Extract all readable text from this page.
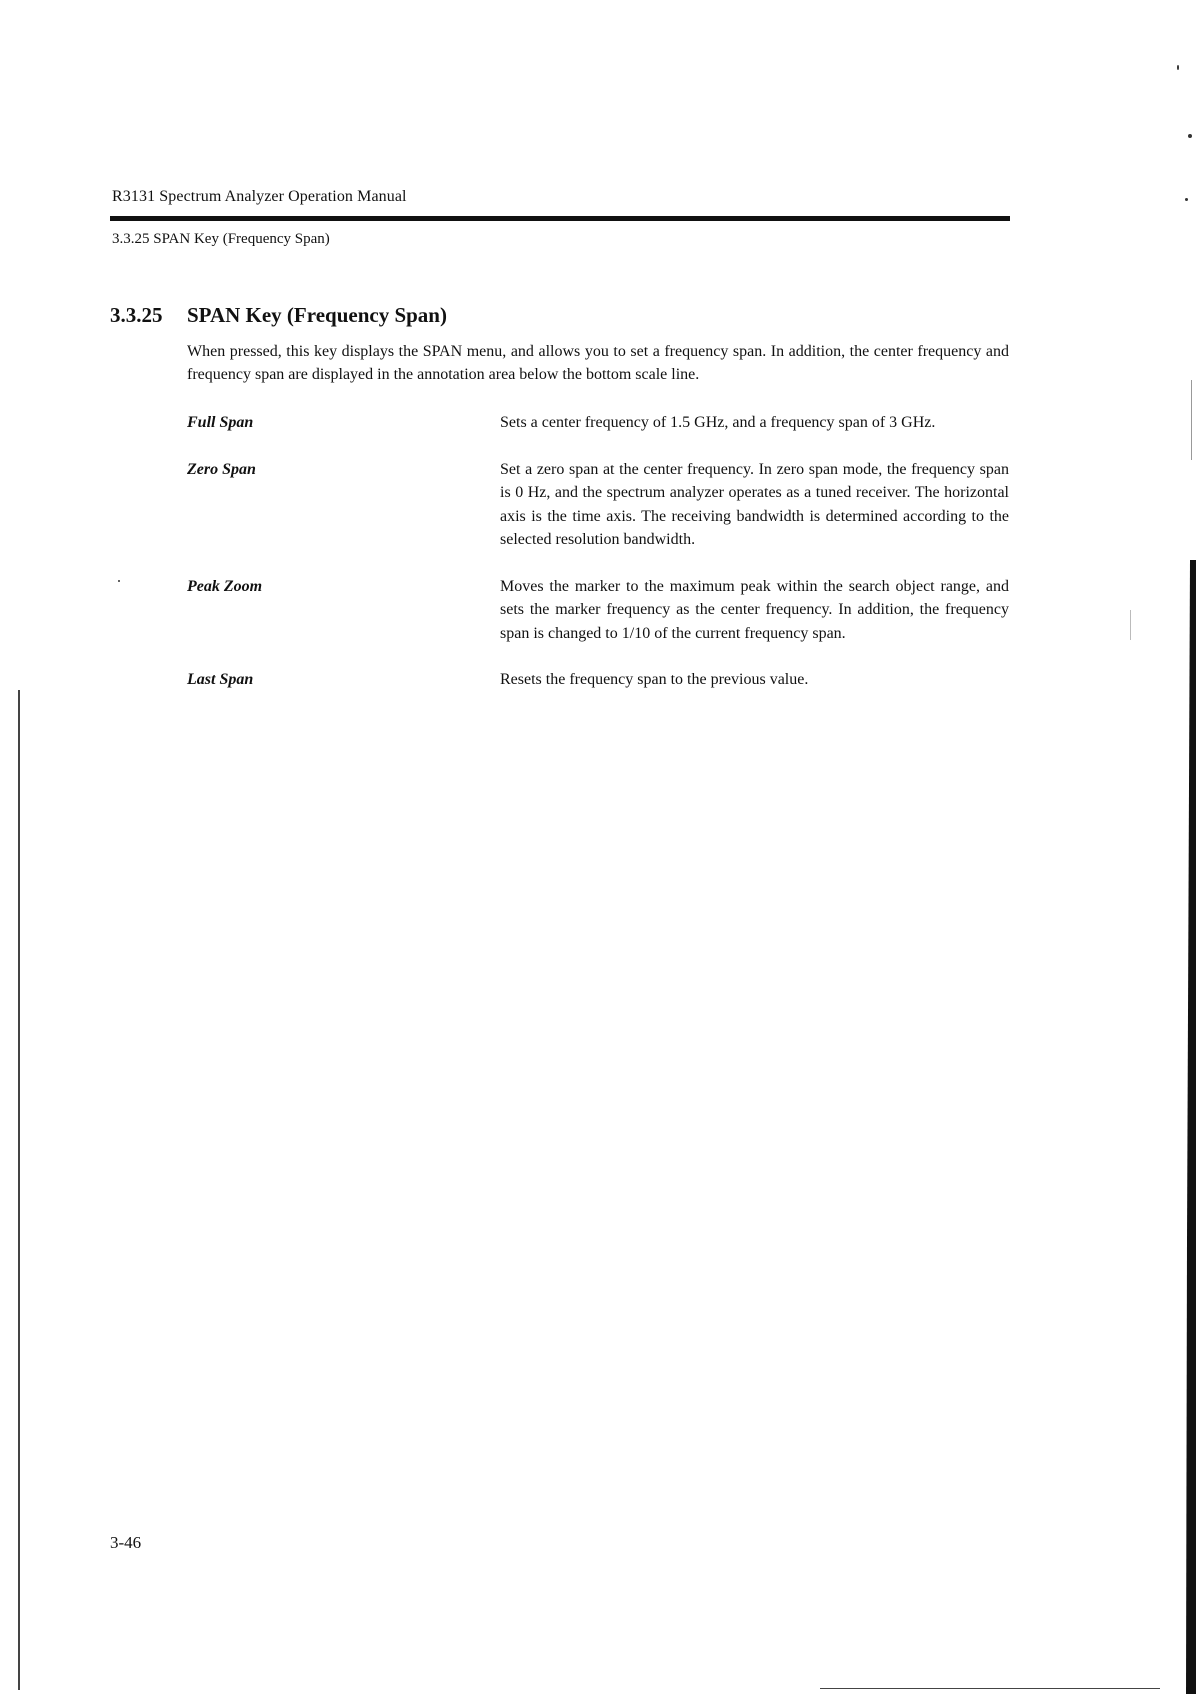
R3131 Spectrum Analyzer Operation Manual
3.3.25 SPAN Key (Frequency Span)
3.3.25 SPAN Key (Frequency Span)
When pressed, this key displays the SPAN menu, and allows you to set a frequency span. In addition, the center frequency and frequency span are displayed in the annotation area below the bottom scale line.
Full Span	Sets a center frequency of 1.5 GHz, and a frequency span of 3 GHz.
Zero Span	Set a zero span at the center frequency. In zero span mode, the frequency span is 0 Hz, and the spectrum analyzer operates as a tuned receiver. The horizontal axis is the time axis. The receiving bandwidth is determined according to the selected resolution bandwidth.
Peak Zoom	Moves the marker to the maximum peak within the search object range, and sets the marker frequency as the center frequency. In addition, the frequency span is changed to 1/10 of the current frequency span.
Last Span	Resets the frequency span to the previous value.
3-46
